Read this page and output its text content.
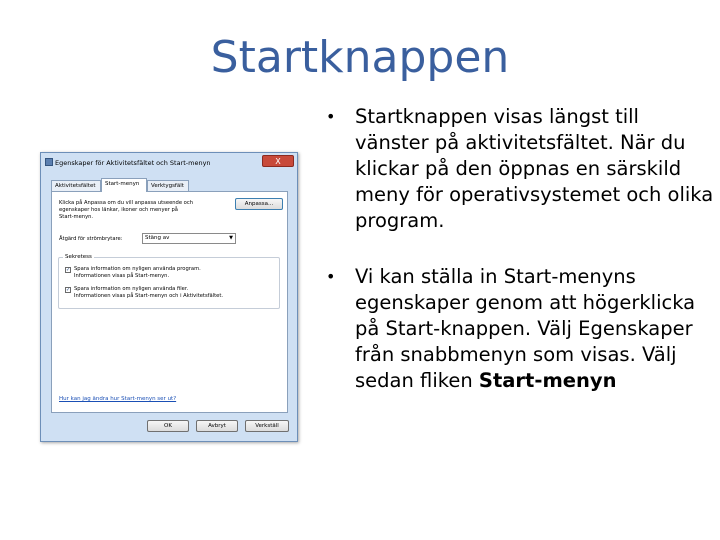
Startknappen
• Startknappen visas längst till vänster på aktivitetsfältet. När du klickar på den öppnas en särskild meny för operativsystemet och olika program.
• Vi kan ställa in Start-menyns egenskaper genom att högerklicka på Start-knappen. Välj Egenskaper från snabbmenyn som visas. Välj sedan fliken Start-menyn
Egenskaper för Aktivitetsfältet och Start-menyn	X
Aktivitetsfältet	Start-menyn	Verktygsfält
Klicka på Anpassa om du vill anpassa utseende och
egenskaper hos länkar, ikoner och menyer på
Start-menyn.
Anpassa...
Åtgärd för strömbrytare:	Stäng av	▼
Sekretess
✓ Spara information om nyligen använda program.
Informationen visas på Start-menyn.
✓ Spara information om nyligen använda filer.
Informationen visas på Start-menyn och i Aktivitetsfältet.
Hur kan jag ändra hur Start-menyn ser ut?
OK	Avbryt	Verkställ
